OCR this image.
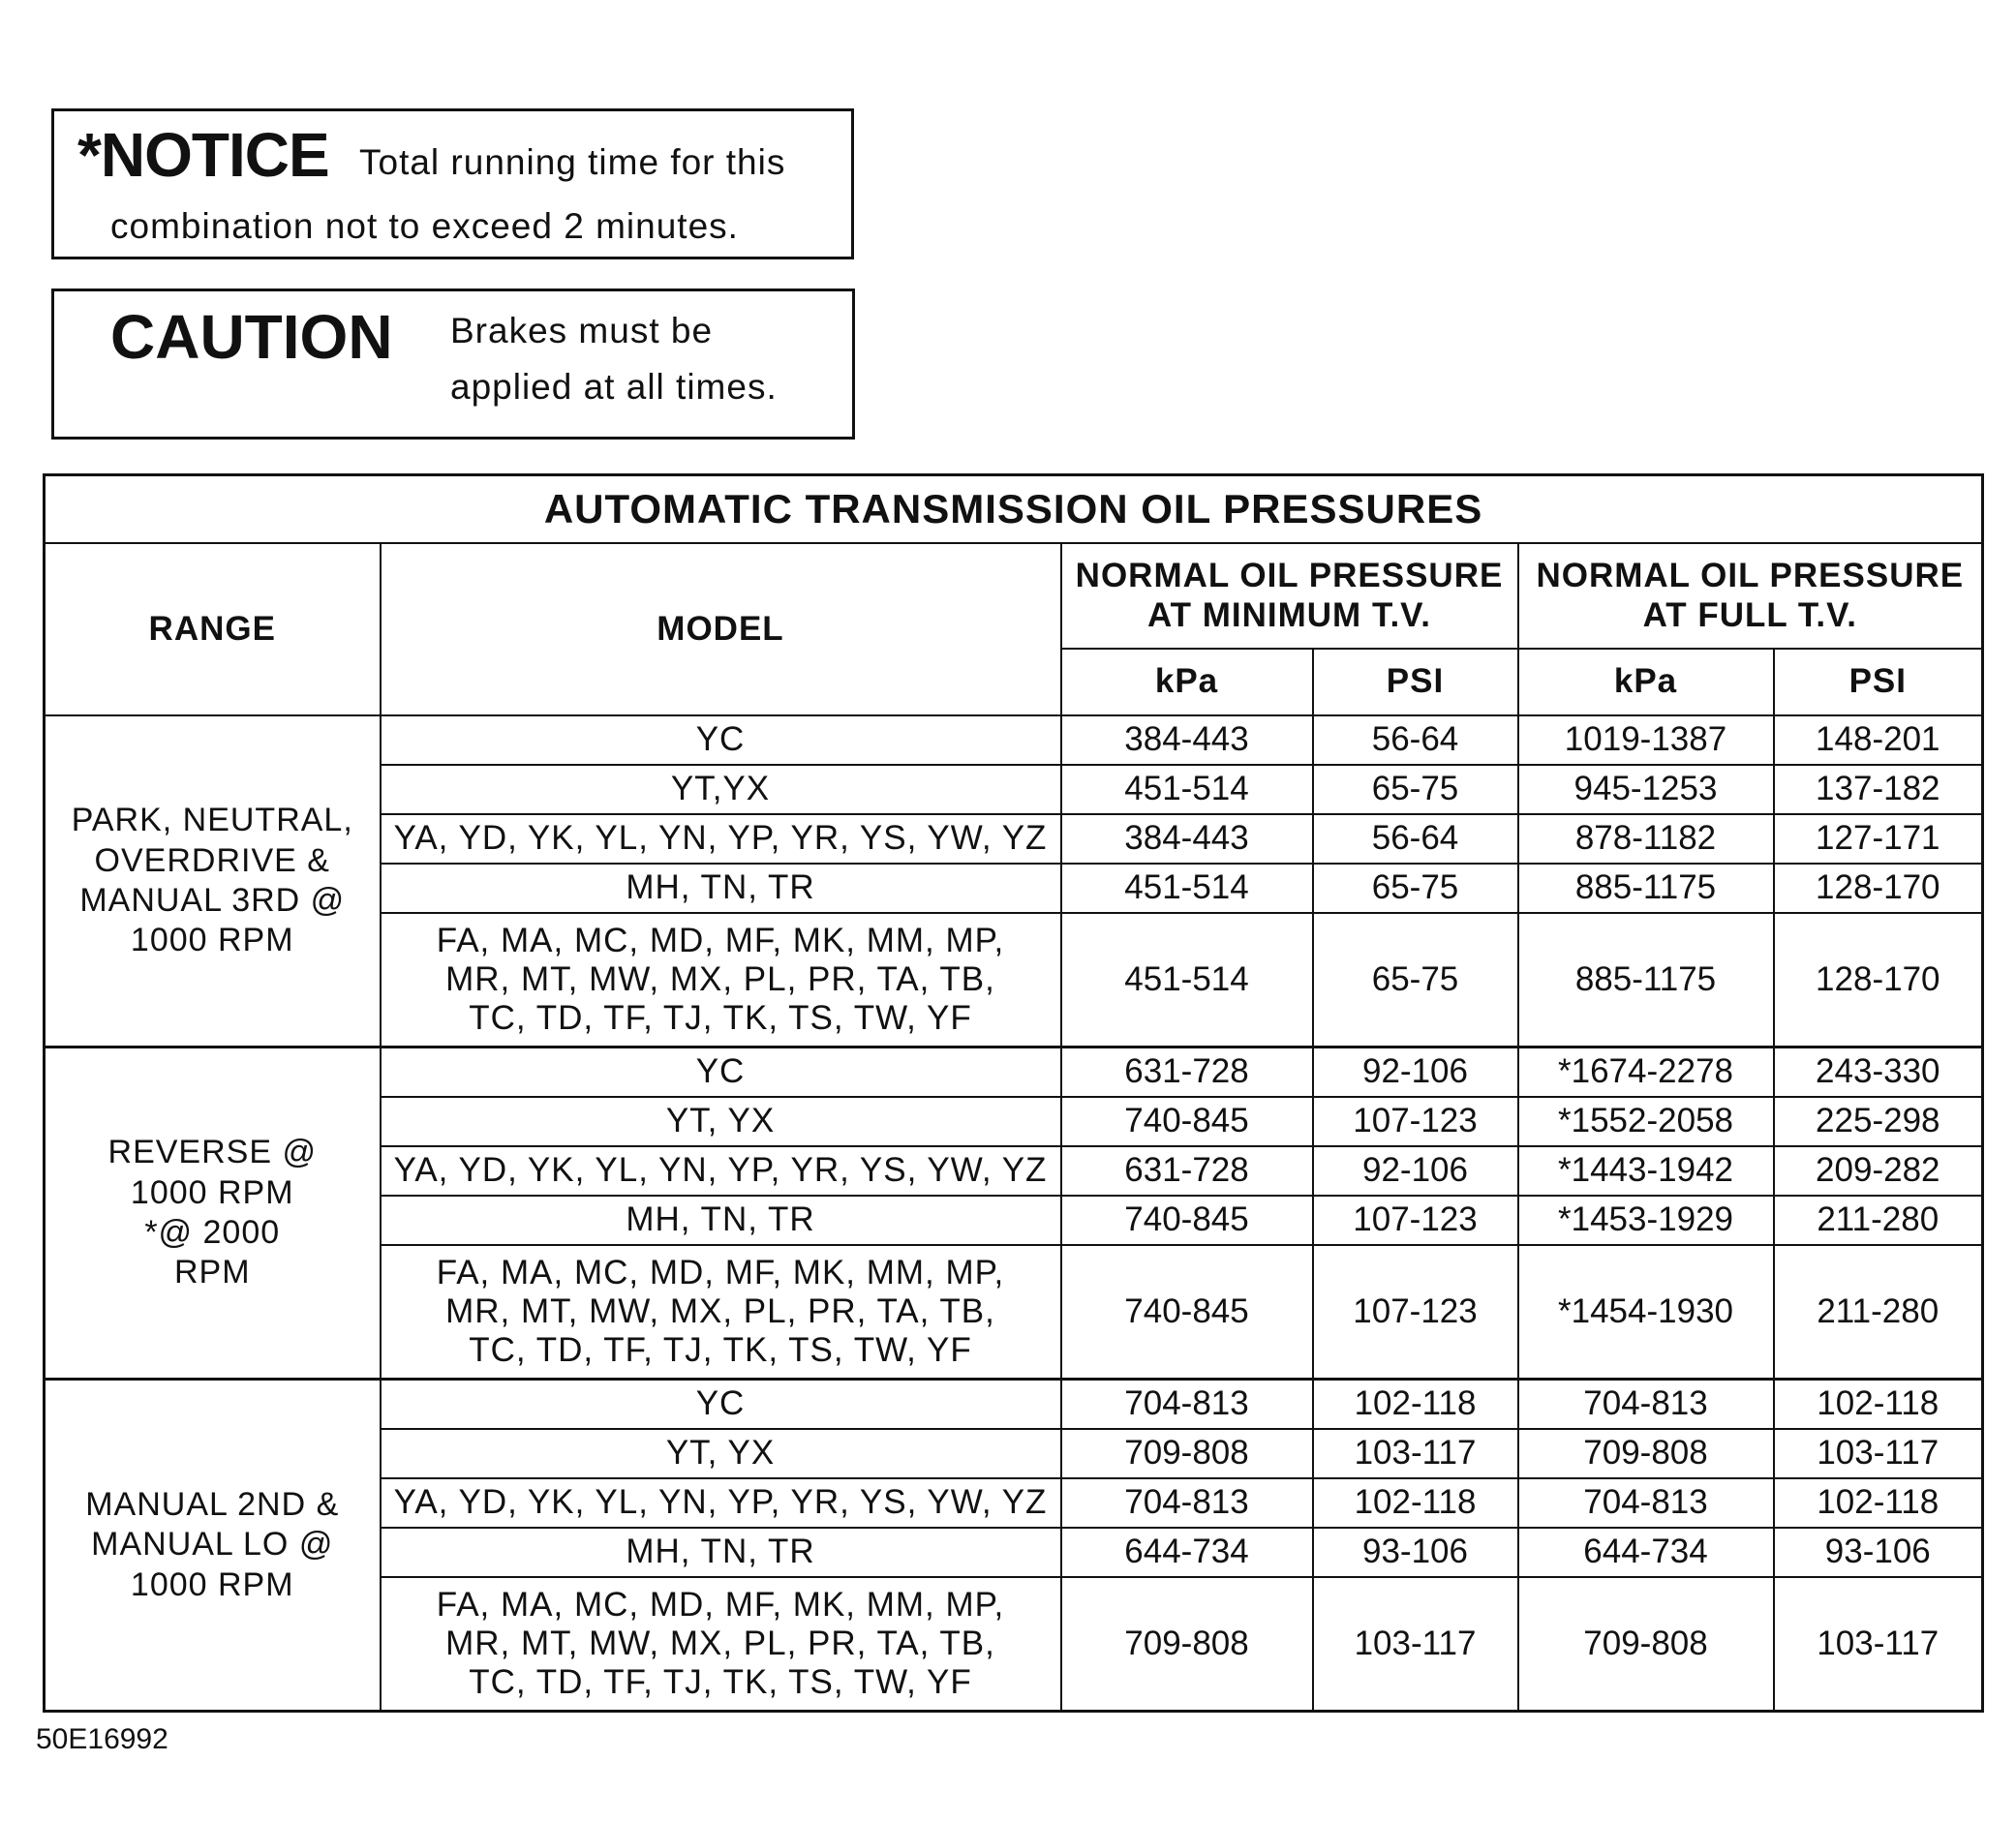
*NOTICE Total running time for this
combination not to exceed 2 minutes.
CAUTION Brakes must be
applied at all times.
AUTOMATIC TRANSMISSION OIL PRESSURES					
RANGE	MODEL	NORMAL OIL PRESSURE AT MINIMUM T.V.		NORMAL OIL PRESSURE AT FULL T.V.	
		kPa	PSI	kPa	PSI
PARK, NEUTRAL, OVERDRIVE & MANUAL 3RD @ 1000 RPM	YC	384-443	56-64	1019-1387	148-201
	YT,YX	451-514	65-75	945-1253	137-182
	YA, YD, YK, YL, YN, YP, YR, YS, YW, YZ	384-443	56-64	878-1182	127-171
	MH, TN, TR	451-514	65-75	885-1175	128-170
	FA, MA, MC, MD, MF, MK, MM, MP, MR, MT, MW, MX, PL, PR, TA, TB, TC, TD, TF, TJ, TK, TS, TW, YF	451-514	65-75	885-1175	128-170
REVERSE @ 1000 RPM *@ 2000 RPM	YC	631-728	92-106	*1674-2278	243-330
	YT, YX	740-845	107-123	*1552-2058	225-298
	YA, YD, YK, YL, YN, YP, YR, YS, YW, YZ	631-728	92-106	*1443-1942	209-282
	MH, TN, TR	740-845	107-123	*1453-1929	211-280
	FA, MA, MC, MD, MF, MK, MM, MP, MR, MT, MW, MX, PL, PR, TA, TB, TC, TD, TF, TJ, TK, TS, TW, YF	740-845	107-123	*1454-1930	211-280
MANUAL 2ND & MANUAL LO @ 1000 RPM	YC	704-813	102-118	704-813	102-118
	YT, YX	709-808	103-117	709-808	103-117
	YA, YD, YK, YL, YN, YP, YR, YS, YW, YZ	704-813	102-118	704-813	102-118
	MH, TN, TR	644-734	93-106	644-734	93-106
	FA, MA, MC, MD, MF, MK, MM, MP, MR, MT, MW, MX, PL, PR, TA, TB, TC, TD, TF, TJ, TK, TS, TW, YF	709-808	103-117	709-808	103-117
50E16992
